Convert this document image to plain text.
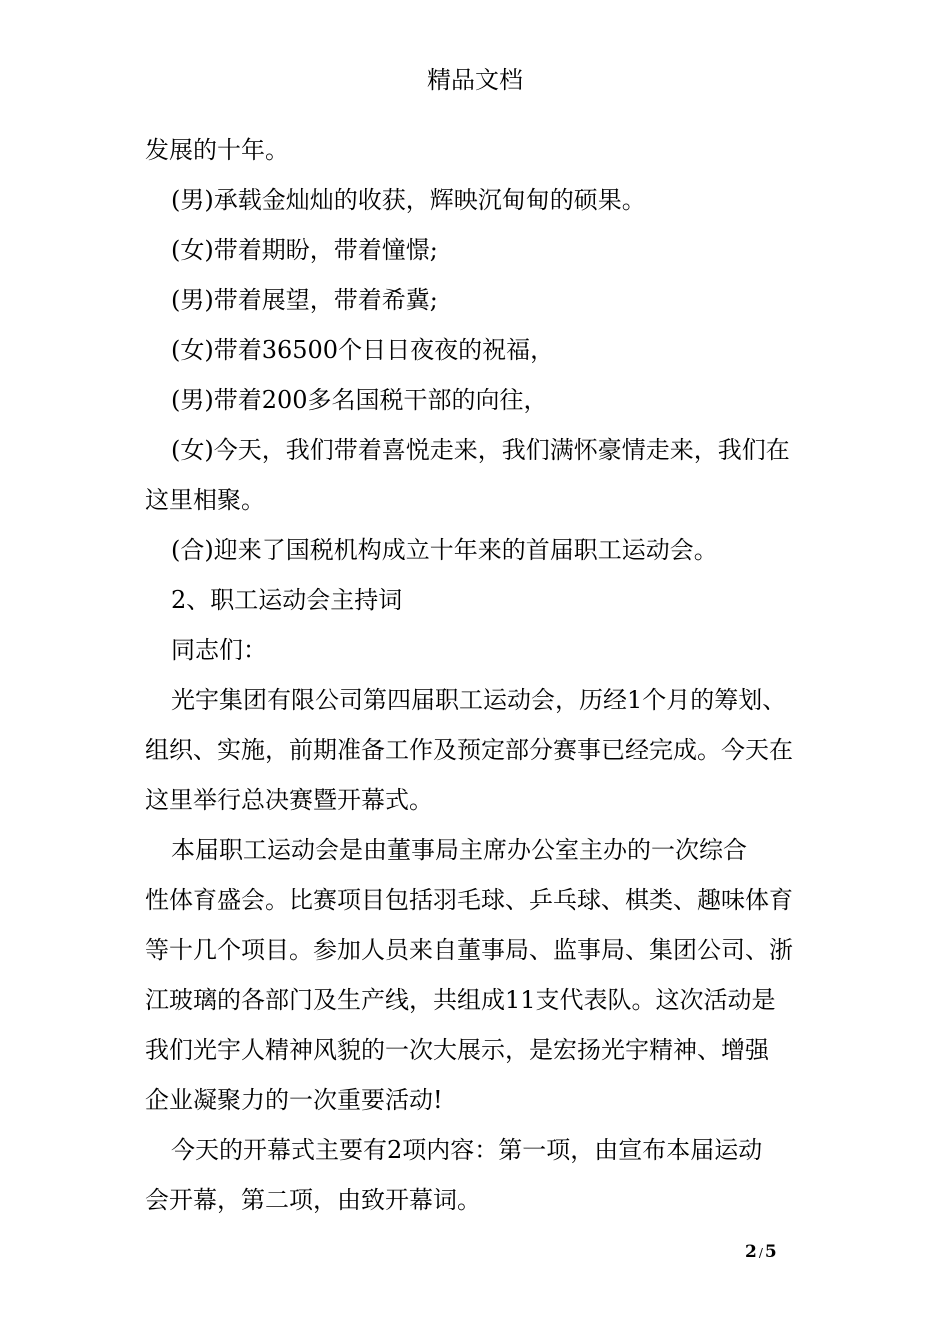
精品文档
发展的十年。
(男)承载金灿灿的收获，辉映沉甸甸的硕果。
(女)带着期盼，带着憧憬;
(男)带着展望，带着希冀;
(女)带着36500个日日夜夜的祝福，
(男)带着200多名国税干部的向往，
(女)今天，我们带着喜悦走来，我们满怀豪情走来，我们在
这里相聚。
(合)迎来了国税机构成立十年来的首届职工运动会。
2、职工运动会主持词
同志们：
光宇集团有限公司第四届职工运动会，历经1个月的筹划、
组织、实施，前期准备工作及预定部分赛事已经完成。今天在
这里举行总决赛暨开幕式。
本届职工运动会是由董事局主席办公室主办的一次综合
性体育盛会。比赛项目包括羽毛球、乒乓球、棋类、趣味体育
等十几个项目。参加人员来自董事局、监事局、集团公司、浙
江玻璃的各部门及生产线，共组成11支代表队。这次活动是
我们光宇人精神风貌的一次大展示，是宏扬光宇精神、增强
企业凝聚力的一次重要活动!
今天的开幕式主要有2项内容：第一项，由宣布本届运动
会开幕，第二项，由致开幕词。
2 / 5
